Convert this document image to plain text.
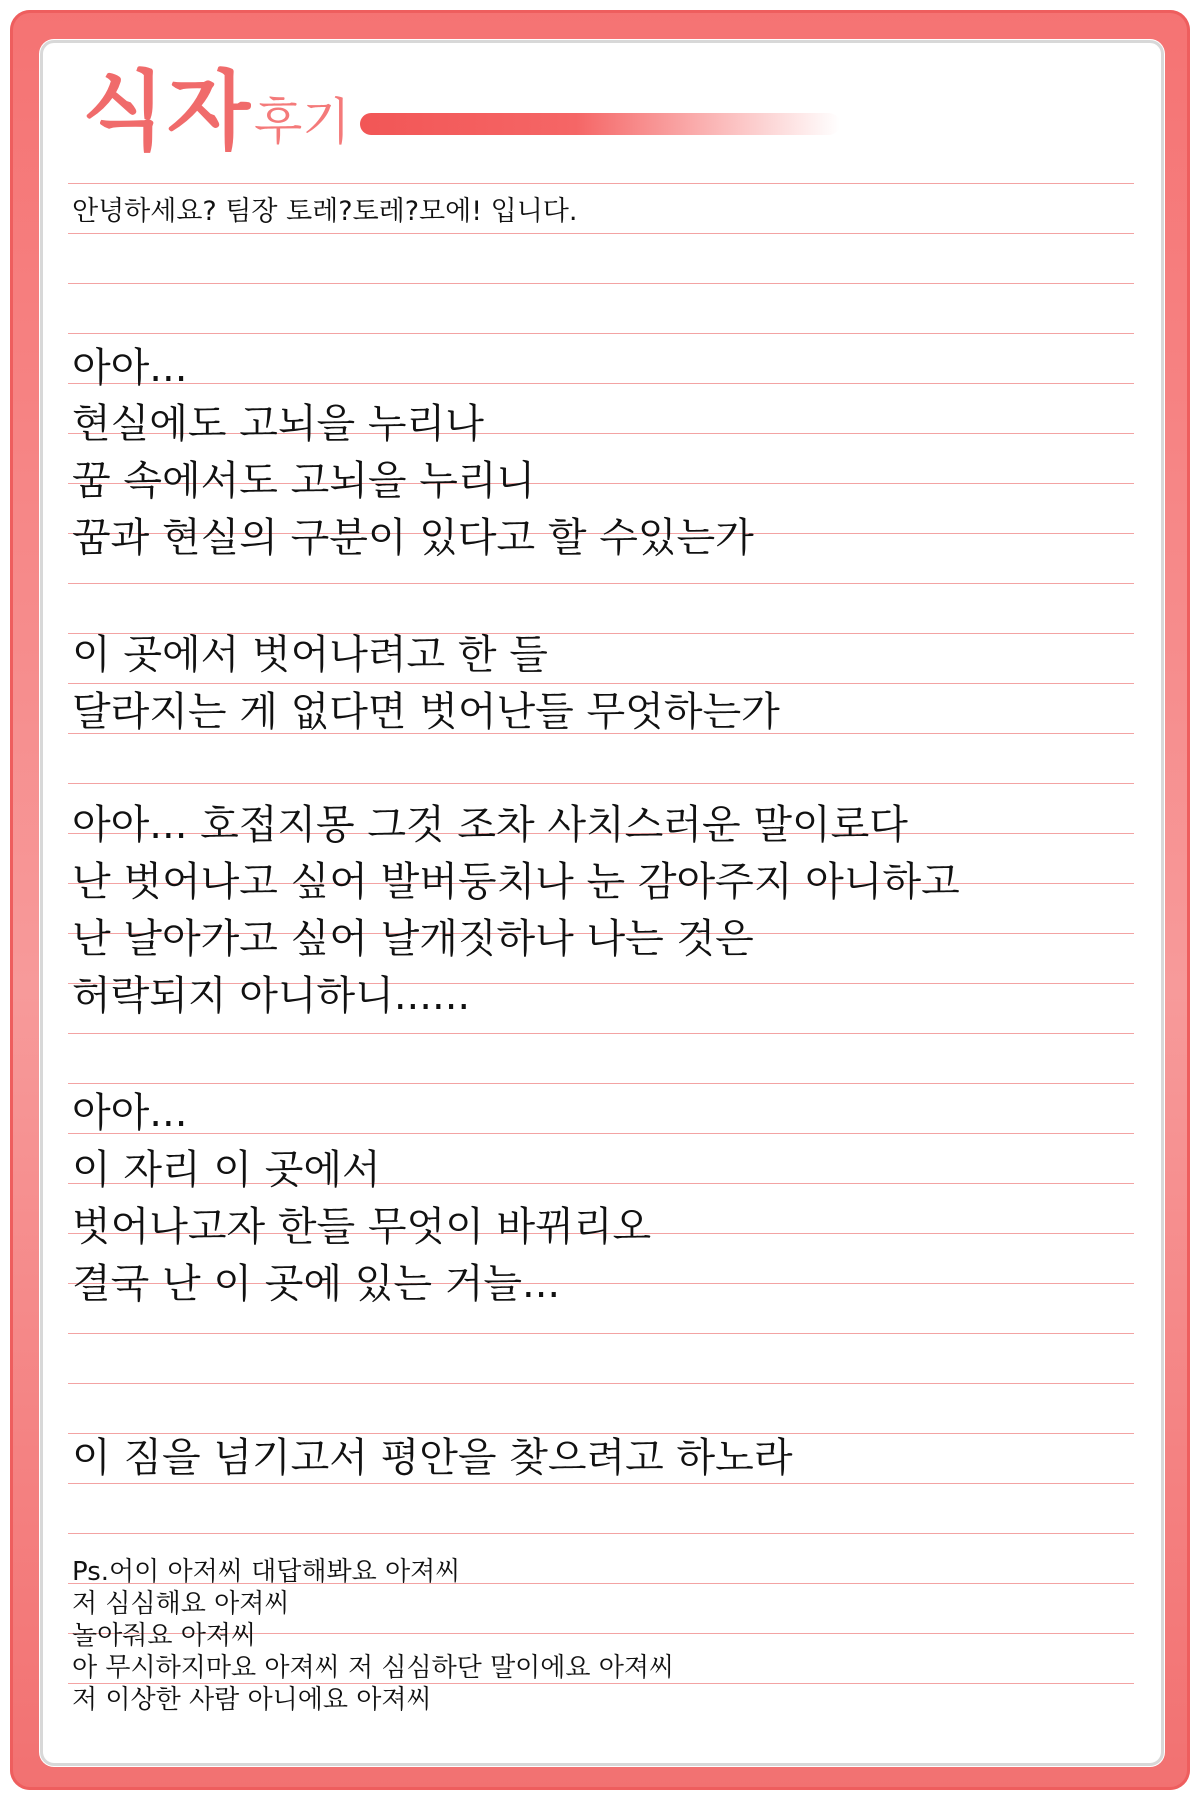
식자 후기
안녕하세요? 팀장 토레?토레?모에! 입니다.
아아...
현실에도 고뇌을 누리나
꿈 속에서도 고뇌을 누리니
꿈과 현실의 구분이 있다고 할 수있는가
이 곳에서 벗어나려고 한 들
달라지는 게 없다면 벗어난들 무엇하는가
아아... 호접지몽 그것 조차 사치스러운 말이로다
난 벗어나고 싶어 발버둥치나 눈 감아주지 아니하고
난 날아가고 싶어 날개짓하나 나는 것은
허락되지 아니하니......
아아...
이 자리 이 곳에서
벗어나고자 한들 무엇이 바뀌리오
결국 난 이 곳에 있는 거늘...
이 짐을 넘기고서 평안을 찾으려고 하노라
Ps.어이 아저씨 대답해봐요 아져씨
저 심심해요 아져씨
놀아줘요 아져씨
아 무시하지마요 아져씨 저 심심하단 말이에요 아져씨
저 이상한 사람 아니에요 아져씨
